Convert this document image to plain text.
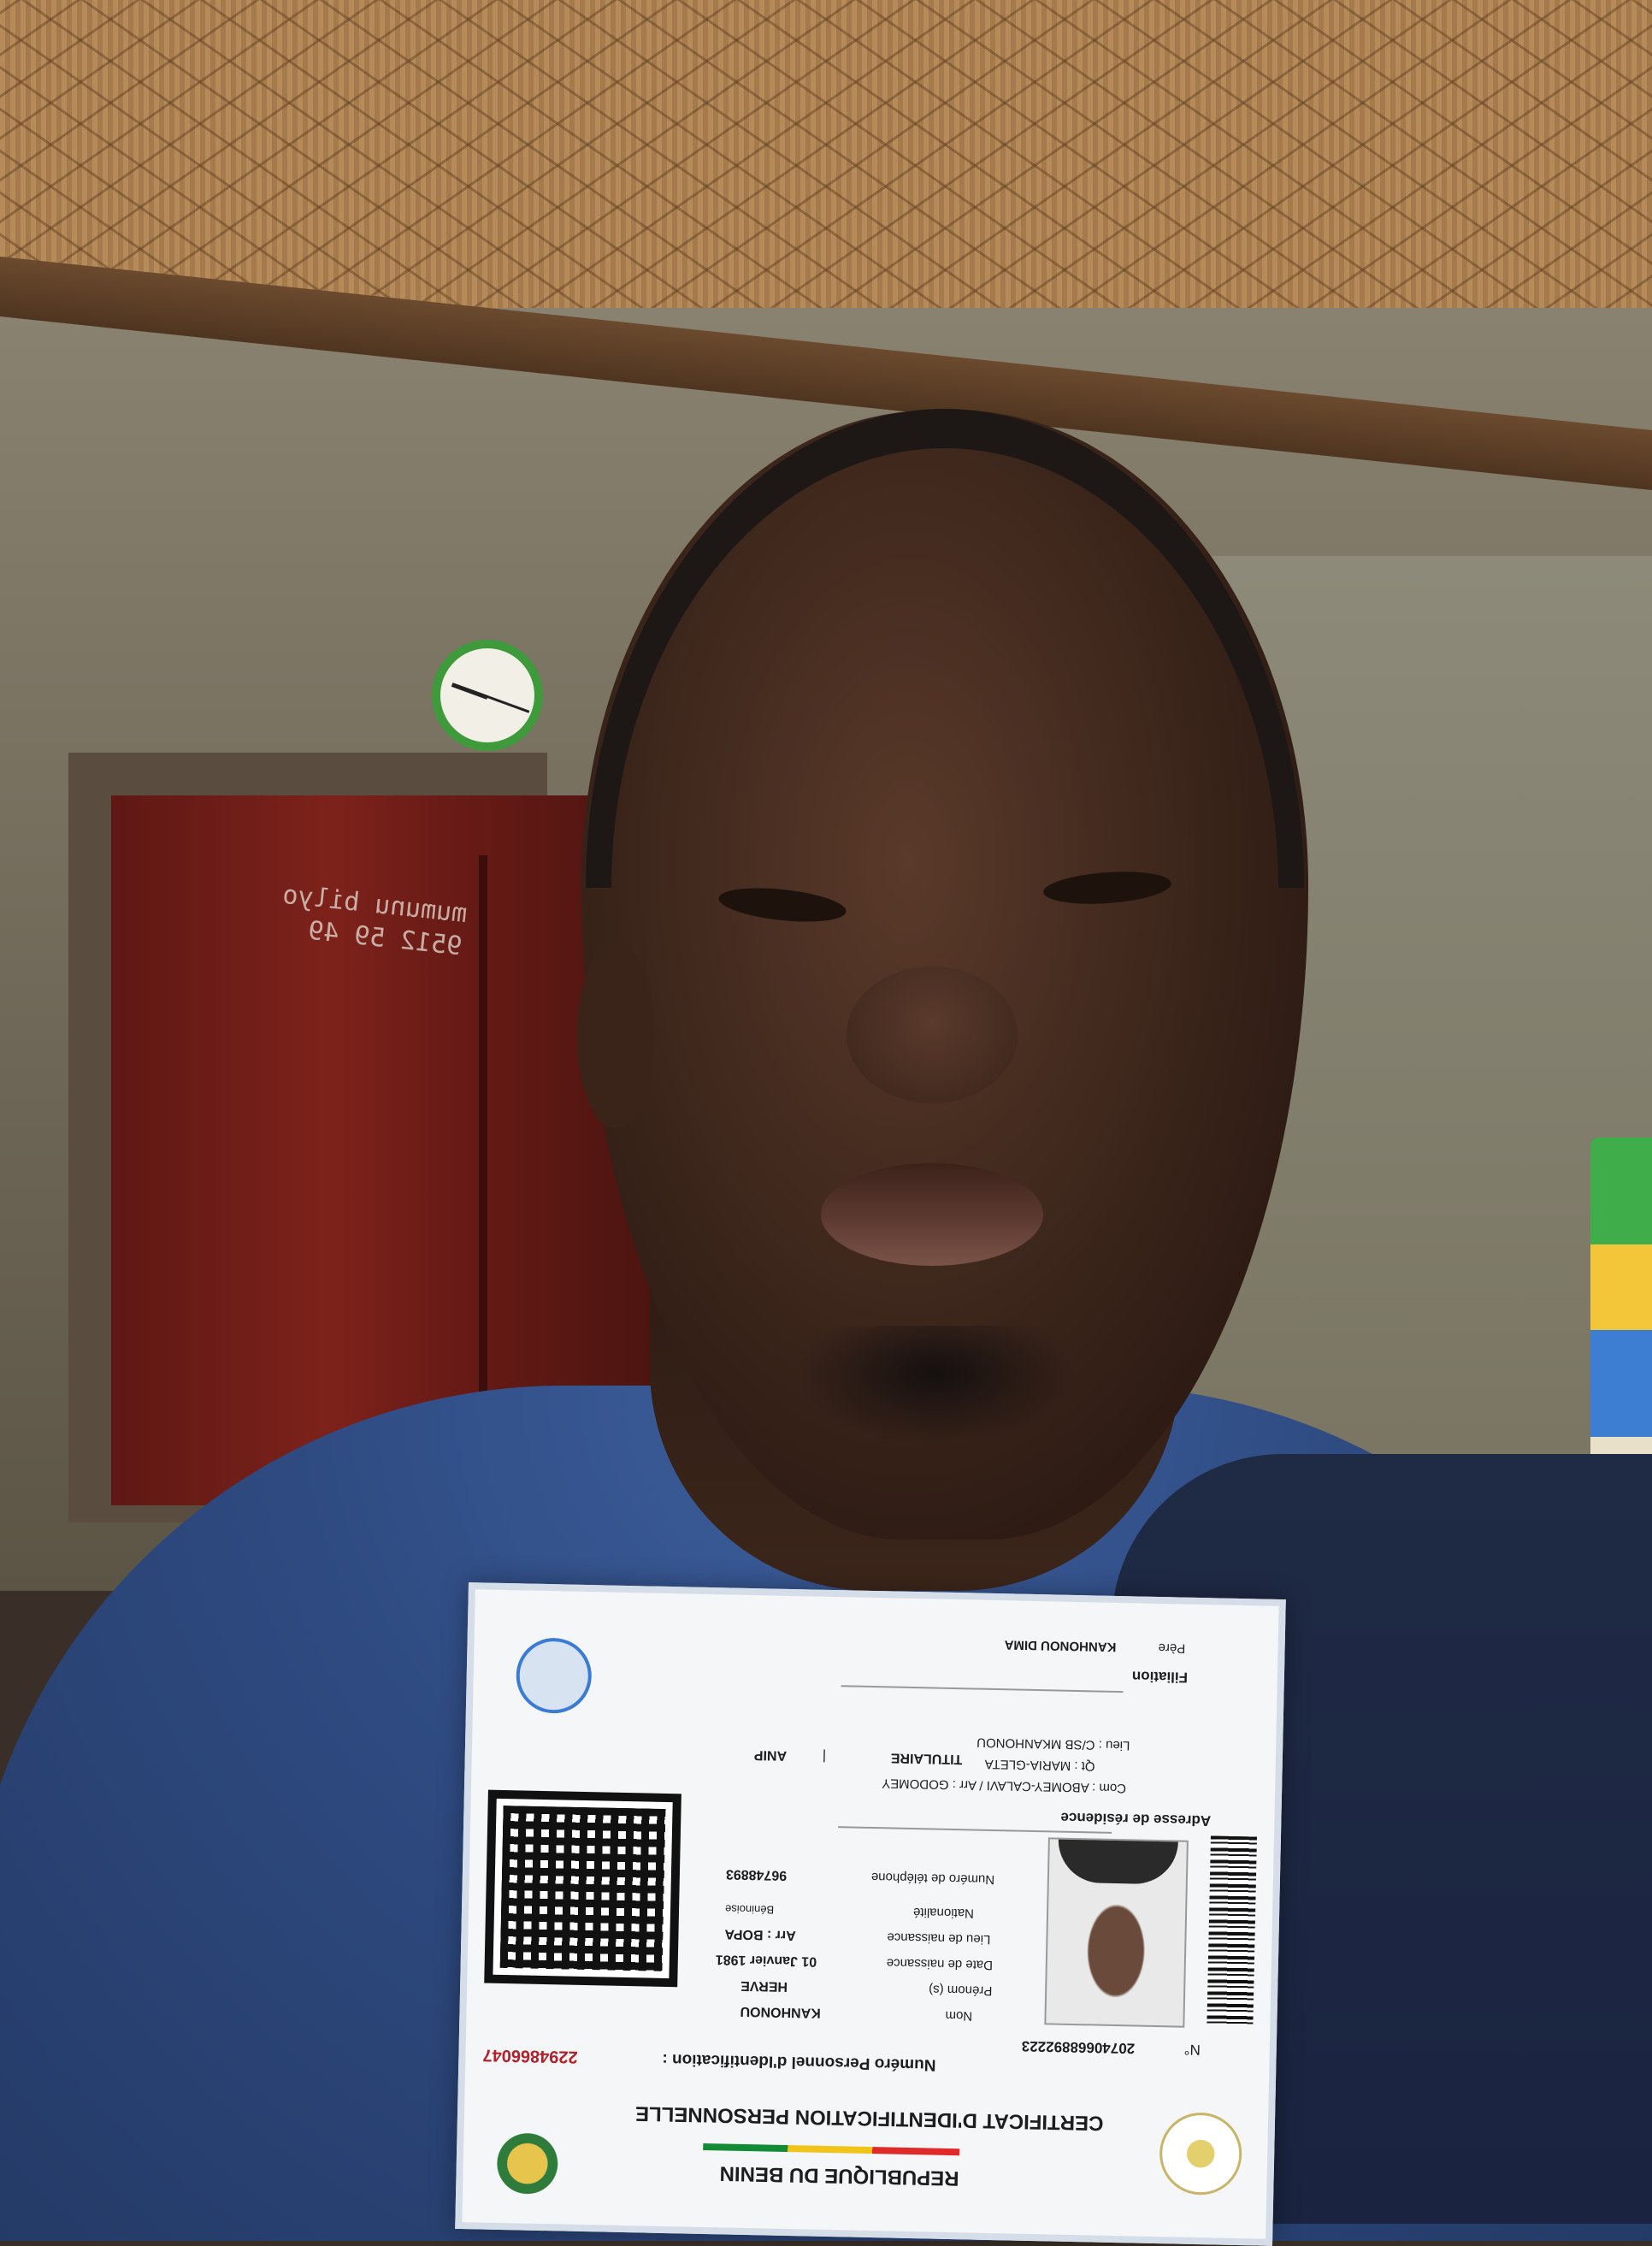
mumunu bilyo
9512 59 49
REPUBLIQUE DU BENIN
CERTIFICAT D'IDENTIFICATION PERSONNELLE
Numéro Personnel d'Identification :
2294866047	N°
20740668892223
Nom
KANHONOU
Prénom (s)
HERVE
Date de naissance
01 Janvier 1981
Lieu de naissance
Arr : BOPA
Nationalité
Béninoise
Numéro de téléphone
96748893
Adresse de résidence
Com : ABOMEY-CALAVI / Arr : GODOMEY
Qt : MARIA-GLETA
Lieu : C/SB MKANHONOU
TITULAIRE
|
ANIP
Filiation
Père
KANHONOU DIMA
